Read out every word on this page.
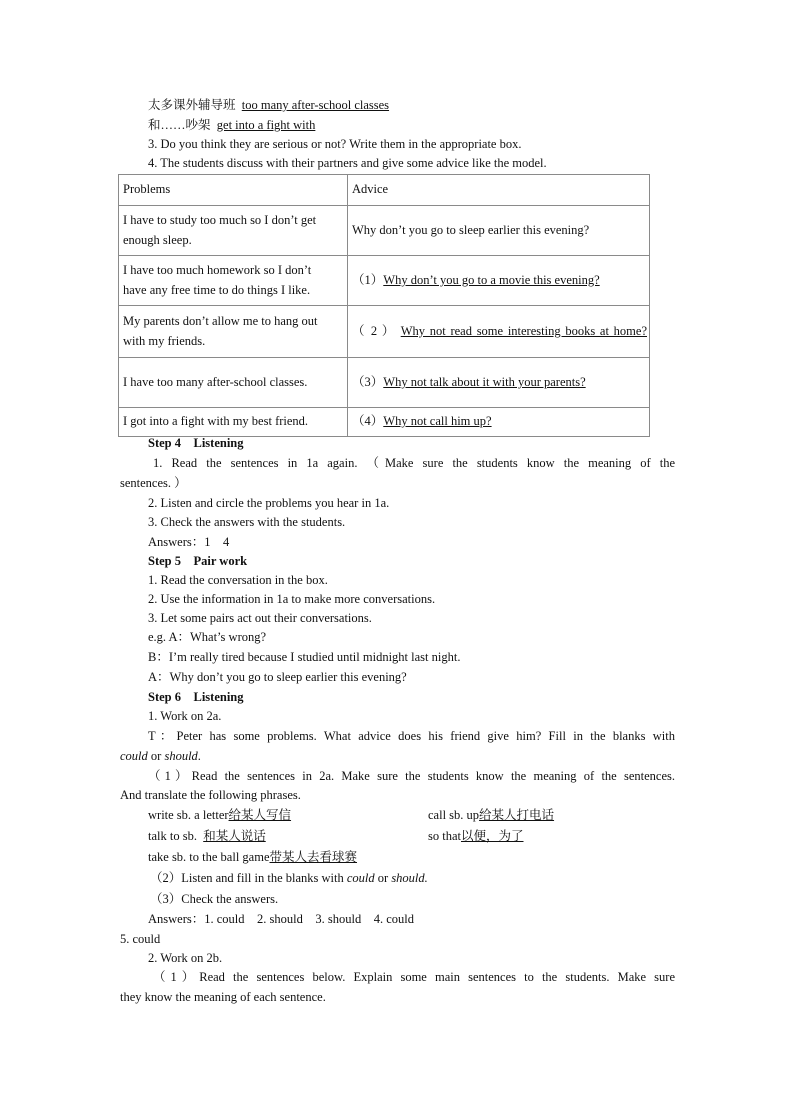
太多课外辅导班 too many after-school classes
和……吵架 get into a fight with
3. Do you think they are serious or not? Write them in the appropriate box.
4. The students discuss with their partners and give some advice like the model.
Problems	Advice
I have to study too much so I don’t get
enough sleep.	Why don’t you go to sleep earlier this evening?
I have too much homework so I don’t
have any free time to do things I like.	（1）Why don’t you go to a movie this evening?
My parents don’t allow me to hang out
with my friends.	（ 2 ） Why not read some interesting books at home?

I have too many after-school classes.	（3）Why not talk about it with your parents?
I got into a fight with my best friend.	（4）Why not call him up?
Step 4 Listening
1. Read the sentences in 1a again. （Make sure the students know the meaning of the
sentences. ）
2. Listen and circle the problems you hear in 1a.
3. Check the answers with the students.
Answers：1　4
Step 5 Pair work
1. Read the conversation in the box.
2. Use the information in 1a to make more conversations.
3. Let some pairs act out their conversations.
e.g. A：What’s wrong?
B：I’m really tired because I studied until midnight last night.
A：Why don’t you go to sleep earlier this evening?
Step 6 Listening
1. Work on 2a.
T：Peter has some problems. What advice does his friend give him? Fill in the blanks with
could or should.
（1）Read the sentences in 2a. Make sure the students know the meaning of the sentences.
And translate the following phrases.
write sb. a letter给某人写信	call sb. up给某人打电话
talk to sb.  和某人说话	so that以便，为了
take sb. to the ball game带某人去看球赛
（2）Listen and fill in the blanks with could or should.
（3）Check the answers.
Answers：1. could　2. should　3. should　4. could
5. could
2. Work on 2b.
（1）Read the sentences below. Explain some main sentences to the students. Make sure
they know the meaning of each sentence.
